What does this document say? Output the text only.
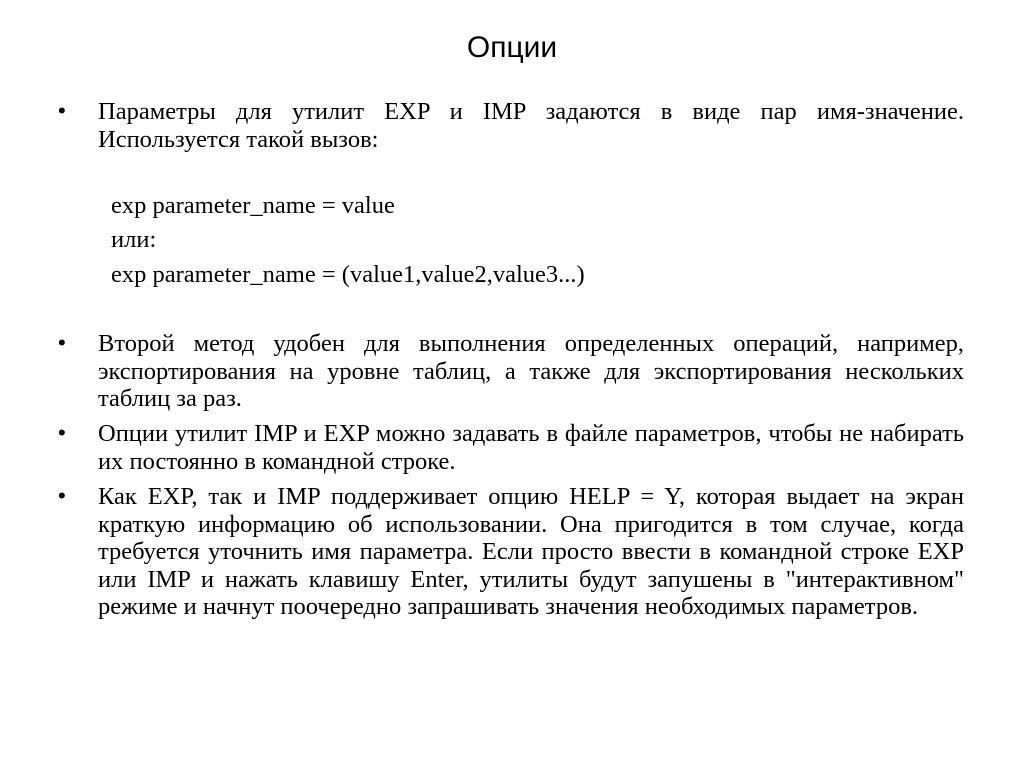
Опции
•	Параметры для утилит EXP и IMP задаются в виде пар имя-значение. Используется такой вызов:

exp parameter_name = value

или:

exp parameter_name = (value1,value2,value3...)

•	Второй метод удобен для выполнения определенных операций, например, экспортирования на уровне таблиц, а также для экспортирования нескольких таблиц за раз.

•	Опции утилит IMP и EXP можно задавать в файле параметров, чтобы не набирать их постоянно в командной строке.

•	Как EXP, так и IMP поддерживает опцию HELP = Y, которая выдает на экран краткую информацию об использовании. Она пригодится в том случае, когда требуется уточнить имя параметра. Если просто ввести в командной строке EXP или IMP и нажать клавишу Enter, утилиты будут запушены в "интерактивном" режиме и начнут поочередно запрашивать значения необходимых параметров.
